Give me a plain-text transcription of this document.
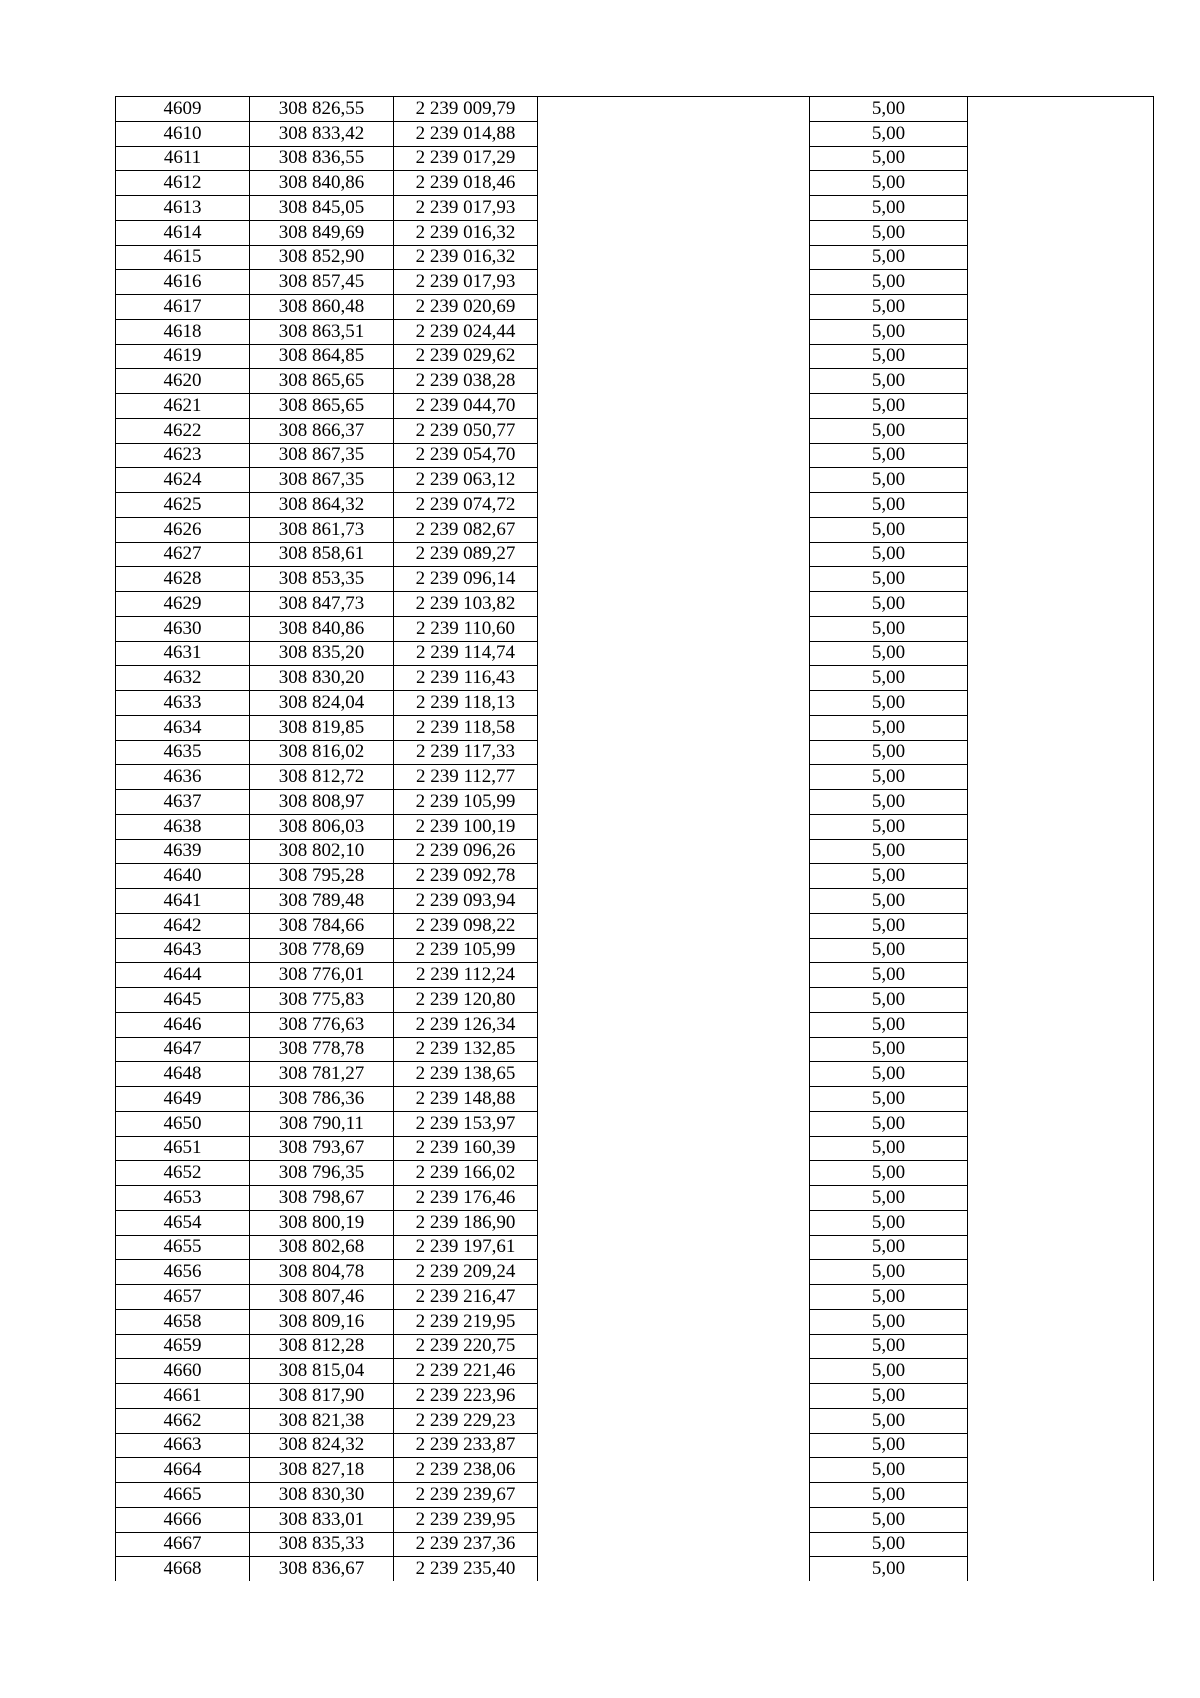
4609	308 826,55	2 239 009,79		5,00	
4610	308 833,42	2 239 014,88		5,00	
4611	308 836,55	2 239 017,29		5,00	
4612	308 840,86	2 239 018,46		5,00	
4613	308 845,05	2 239 017,93		5,00	
4614	308 849,69	2 239 016,32		5,00	
4615	308 852,90	2 239 016,32		5,00	
4616	308 857,45	2 239 017,93		5,00	
4617	308 860,48	2 239 020,69		5,00	
4618	308 863,51	2 239 024,44		5,00	
4619	308 864,85	2 239 029,62		5,00	
4620	308 865,65	2 239 038,28		5,00	
4621	308 865,65	2 239 044,70		5,00	
4622	308 866,37	2 239 050,77		5,00	
4623	308 867,35	2 239 054,70		5,00	
4624	308 867,35	2 239 063,12		5,00	
4625	308 864,32	2 239 074,72		5,00	
4626	308 861,73	2 239 082,67		5,00	
4627	308 858,61	2 239 089,27		5,00	
4628	308 853,35	2 239 096,14		5,00	
4629	308 847,73	2 239 103,82		5,00	
4630	308 840,86	2 239 110,60		5,00	
4631	308 835,20	2 239 114,74		5,00	
4632	308 830,20	2 239 116,43		5,00	
4633	308 824,04	2 239 118,13		5,00	
4634	308 819,85	2 239 118,58		5,00	
4635	308 816,02	2 239 117,33		5,00	
4636	308 812,72	2 239 112,77		5,00	
4637	308 808,97	2 239 105,99		5,00	
4638	308 806,03	2 239 100,19		5,00	
4639	308 802,10	2 239 096,26		5,00	
4640	308 795,28	2 239 092,78		5,00	
4641	308 789,48	2 239 093,94		5,00	
4642	308 784,66	2 239 098,22		5,00	
4643	308 778,69	2 239 105,99		5,00	
4644	308 776,01	2 239 112,24		5,00	
4645	308 775,83	2 239 120,80		5,00	
4646	308 776,63	2 239 126,34		5,00	
4647	308 778,78	2 239 132,85		5,00	
4648	308 781,27	2 239 138,65		5,00	
4649	308 786,36	2 239 148,88		5,00	
4650	308 790,11	2 239 153,97		5,00	
4651	308 793,67	2 239 160,39		5,00	
4652	308 796,35	2 239 166,02		5,00	
4653	308 798,67	2 239 176,46		5,00	
4654	308 800,19	2 239 186,90		5,00	
4655	308 802,68	2 239 197,61		5,00	
4656	308 804,78	2 239 209,24		5,00	
4657	308 807,46	2 239 216,47		5,00	
4658	308 809,16	2 239 219,95		5,00	
4659	308 812,28	2 239 220,75		5,00	
4660	308 815,04	2 239 221,46		5,00	
4661	308 817,90	2 239 223,96		5,00	
4662	308 821,38	2 239 229,23		5,00	
4663	308 824,32	2 239 233,87		5,00	
4664	308 827,18	2 239 238,06		5,00	
4665	308 830,30	2 239 239,67		5,00	
4666	308 833,01	2 239 239,95		5,00	
4667	308 835,33	2 239 237,36		5,00	
4668	308 836,67	2 239 235,40		5,00	
